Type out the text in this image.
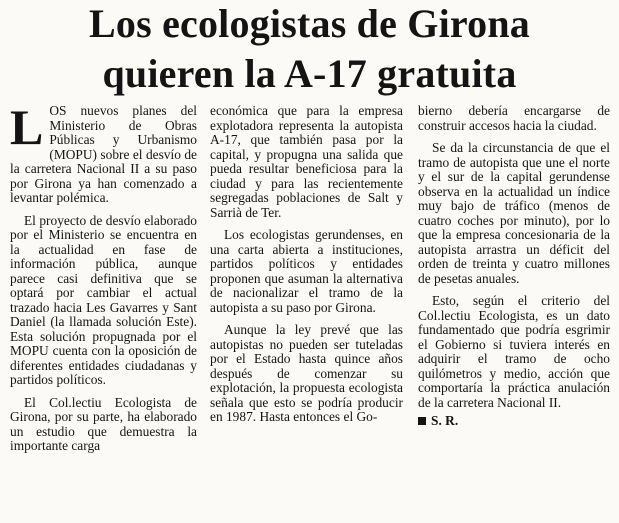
Los ecologistas de Girona
quieren la A-17 gratuita

LOS nuevos planes del Ministerio de Obras Públicas y Urbanismo (MOPU) sobre el desvío de la carretera Nacional II a su paso por Girona ya han comenzado a levantar polémica.

El proyecto de desvío elaborado por el Ministerio se encuentra en la actualidad en fase de información pública, aunque parece casi definitiva que se optará por cambiar el actual trazado hacia Les Gavarres y Sant Daniel (la llamada solución Este). Esta solución propugnada por el MOPU cuenta con la oposición de diferentes entidades ciudadanas y partidos políticos.

El Col.lectiu Ecologista de Girona, por su parte, ha elaborado un estudio que demuestra la importante carga

económica que para la empresa explotadora representa la autopista A-17, que también pasa por la capital, y propugna una salida que pueda resultar beneficiosa para la ciudad y para las recientemente segregadas poblaciones de Salt y Sarrià de Ter.

Los ecologistas gerundenses, en una carta abierta a instituciones, partidos políticos y entidades proponen que asuman la alternativa de nacionalizar el tramo de la autopista a su paso por Girona.

Aunque la ley prevé que las autopistas no pueden ser tuteladas por el Estado hasta quince años después de comenzar su explotación, la propuesta ecologista señala que esto se podría producir en 1987. Hasta entonces el Go-

bierno debería encargarse de construir accesos hacia la ciudad.

Se da la circunstancia de que el tramo de autopista que une el norte y el sur de la capital gerundense observa en la actualidad un índice muy bajo de tráfico (menos de cuatro coches por minuto), por lo que la empresa concesionaria de la autopista arrastra un déficit del orden de treinta y cuatro millones de pesetas anuales.

Esto, según el criterio del Col.lectiu Ecologista, es un dato fundamentado que podría esgrimir el Gobierno si tuviera interés en adquirir el tramo de ocho quilómetros y medio, acción que comportaría la práctica anulación de la carretera Nacional II.

S. R.
